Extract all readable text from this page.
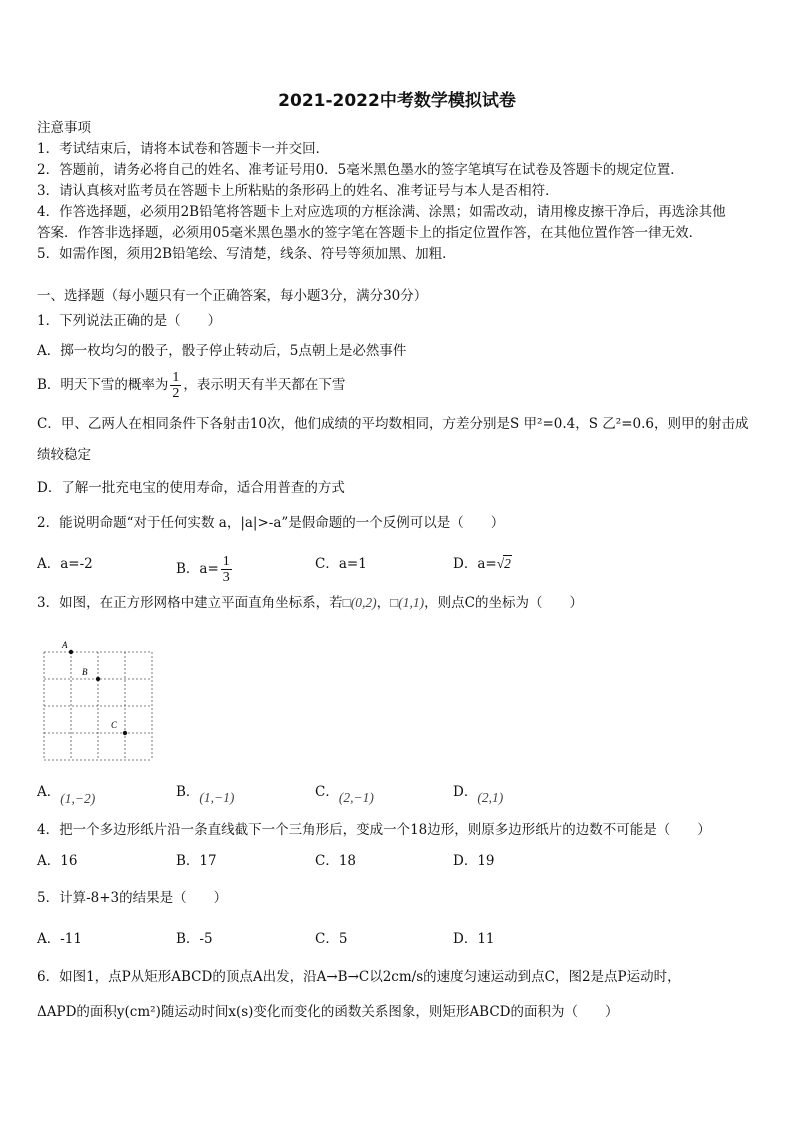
2021-2022中考数学模拟试卷
注意事项
1．考试结束后，请将本试卷和答题卡一并交回．
2．答题前，请务必将自己的姓名、准考证号用0．5毫米黑色墨水的签字笔填写在试卷及答题卡的规定位置．
3．请认真核对监考员在答题卡上所粘贴的条形码上的姓名、准考证号与本人是否相符．
4．作答选择题，必须用2B铅笔将答题卡上对应选项的方框涂满、涂黑；如需改动，请用橡皮擦干净后，再选涂其他
答案．作答非选择题，必须用05毫米黑色墨水的签字笔在答题卡上的指定位置作答，在其他位置作答一律无效．
5．如需作图，须用2B铅笔绘、写清楚，线条、符号等须加黑、加粗．
一、选择题（每小题只有一个正确答案，每小题3分，满分30分）
1．下列说法正确的是（　　）
A．掷一枚均匀的骰子，骰子停止转动后，5点朝上是必然事件
B．明天下雪的概率为 $\frac{1}{2}$ ，表示明天有半天都在下雪
C．甲、乙两人在相同条件下各射击10次，他们成绩的平均数相同，方差分别是S 甲²=0.4，S 乙²=0.6，则甲的射击成
绩较稳定
D．了解一批充电宝的使用寿命，适合用普查的方式
2．能说明命题“对于任何实数 a，|a|>-a”是假命题的一个反例可以是（　　）
A．a=-2	B．$a= \frac{1}{3}$	C．a=1	D．a=√2
3．如图，在正方形网格中建立平面直角坐标系，若□(0,2)，□(1,1)，则点C的坐标为（　　）
A
B
C
A．(1,−2)	B．(1,−1)	C．(2,−1)	D．(2,1)
4．把一个多边形纸片沿一条直线截下一个三角形后，变成一个18边形，则原多边形纸片的边数不可能是（　　）
A．16	B．17	C．18	D．19
5．计算-8+3的结果是（　　）
A．-11	B．-5	C．5	D．11
6．如图1，点P从矩形ABCD的顶点A出发，沿A→B→C以2cm/s的速度匀速运动到点C，图2是点P运动时，
ΔAPD的面积y(cm²)随运动时间x(s)变化而变化的函数关系图象，则矩形ABCD的面积为（　　）
